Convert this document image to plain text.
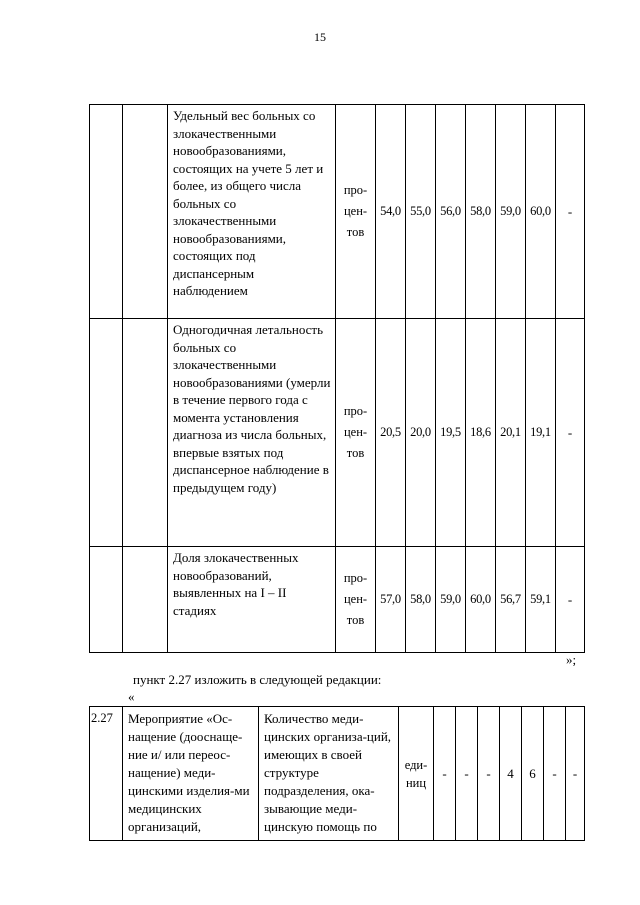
15
		Удельный вес больных со злокачественными новообразованиями, состоящих на учете 5 лет и более, из общего числа больных со злокачественными новообразованиями, состоящих под диспансерным наблюдением	про-цен-тов	54,0	55,0	56,0	58,0	59,0	60,0	-
		Одногодичная летальность больных со злокачественными новообразованиями (умерли в течение первого года с момента установления диагноза из числа больных, впервые взятых под диспансерное наблюдение в предыдущем году)	про-цен-тов	20,5	20,0	19,5	18,6	20,1	19,1	-
		Доля злокачественных новообразований, выявленных на I – II стадиях	про-цен-тов	57,0	58,0	59,0	60,0	56,7	59,1	-
»;
пункт 2.27 изложить в следующей редакции:
«
2.27	Мероприятие «Ос-нащение (дооснаще-ние и/ или переос-нащение) меди-цинскими изделия-ми медицинских организаций,	Количество меди-цинских организа-ций, имеющих в своей структуре подразделения, ока-зывающие меди-цинскую помощь по	еди-ниц	-	-	-	4	6	-	-
